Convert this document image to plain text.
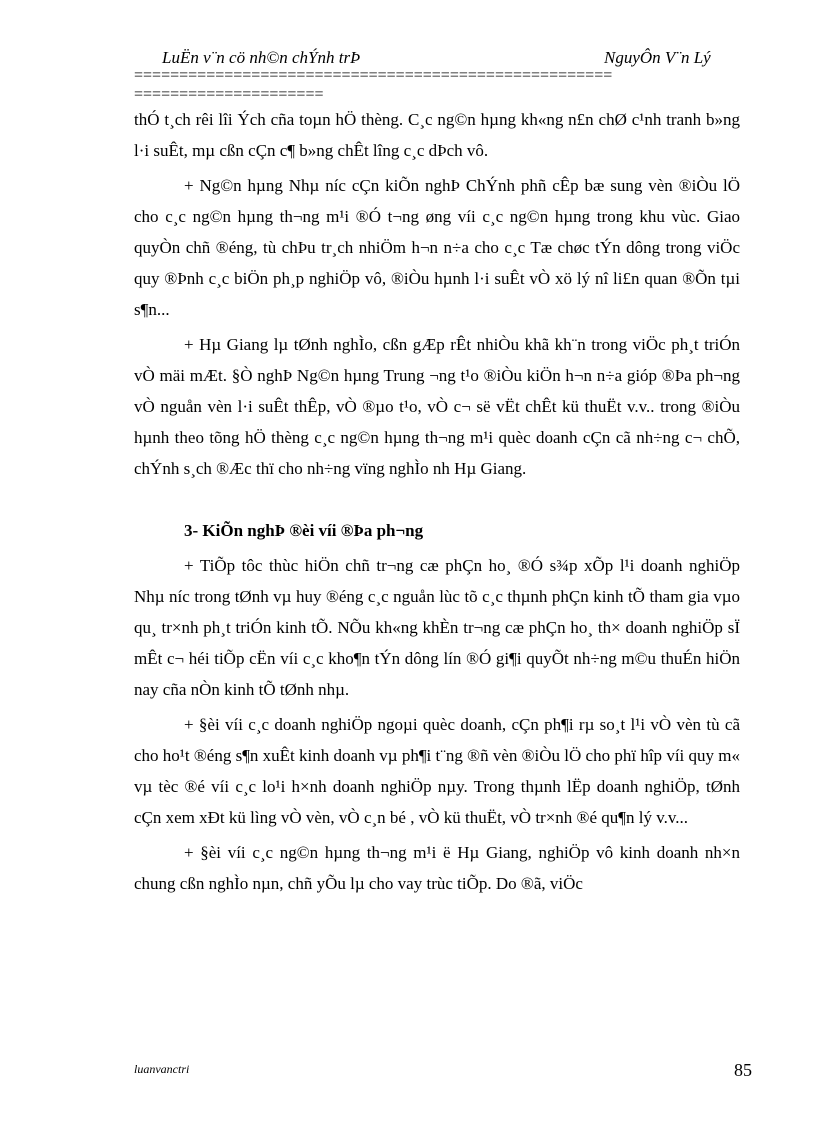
LuËn v¨n cö nh©n chÝnh trÞ	NguyÔn V¨n Lý
=====================================================
=====================

thÓ t¸ch rêi lîi Ých cña toµn hÖ thèng. C¸c ng©n hµng kh«ng n£n chØ c¹nh tranh b»ng l·i suÊt, mµ cßn cÇn c¶ b»ng chÊt lîng c¸c dÞch vô.

+ Ng©n hµng Nhµ níc cÇn kiÕn nghÞ ChÝnh phñ cÊp bæ sung vèn ®iÒu lÖ cho c¸c ng©n hµng th¬ng m¹i ®Ó t¬ng øng víi c¸c ng©n hµng trong khu vùc. Giao quyÒn chñ ®éng, tù chÞu tr¸ch nhiÖm h¬n n÷a cho c¸c Tæ chøc tÝn dông trong viÖc quy ®Þnh c¸c biÖn ph¸p nghiÖp vô, ®iÒu hµnh l·i suÊt vÒ xö lý nî li£n quan ®Õn tµi s¶n...

+ Hµ Giang lµ tØnh nghÌo, cßn gÆp rÊt nhiÒu khã kh¨n trong viÖc ph¸t triÓn vÒ mäi mÆt. §Ò nghÞ Ng©n hµng Trung ¬ng t¹o ®iÒu kiÖn h¬n n÷a gióp ®Þa ph¬ng vÒ nguån vèn l·i suÊt thÊp, vÒ ®µo t¹o, vÒ c¬ së vËt chÊt kü thuËt v.v.. trong ®iÒu hµnh theo tõng hÖ thèng c¸c ng©n hµng th¬ng m¹i quèc doanh cÇn cã nh÷ng c¬ chÕ, chÝnh s¸ch ®Æc thï cho nh÷ng vïng nghÌo nh Hµ Giang.

3- KiÕn nghÞ ®èi víi ®Þa ph¬ng

+ TiÕp tôc thùc hiÖn chñ tr¬ng cæ phÇn ho¸ ®Ó s¾p xÕp l¹i doanh nghiÖp Nhµ níc trong tØnh vµ huy ®éng c¸c nguån lùc tõ c¸c thµnh phÇn kinh tÕ tham gia vµo qu¸ tr×nh ph¸t triÓn kinh tÕ. NÕu kh«ng khÈn tr¬ng cæ phÇn ho¸ th× doanh nghiÖp sÏ mÊt c¬ héi tiÕp cËn víi c¸c kho¶n tÝn dông lín ®Ó gi¶i quyÕt nh÷ng m©u thuÉn hiÖn nay cña nÒn kinh tÕ tØnh nhµ.

+ §èi víi c¸c doanh nghiÖp ngoµi quèc doanh, cÇn ph¶i rµ so¸t l¹i vÒ vèn tù cã cho ho¹t ®éng s¶n xuÊt kinh doanh vµ ph¶i t¨ng ®ñ vèn ®iÒu lÖ cho phï hîp víi quy m« vµ tèc ®é víi c¸c lo¹i h×nh doanh nghiÖp nµy. Trong thµnh lËp doanh nghiÖp, tØnh cÇn xem xÐt kü lìng vÒ vèn, vÒ c¸n bé , vÒ kü thuËt, vÒ tr×nh ®é qu¶n lý v.v...

+ §èi víi c¸c ng©n hµng th¬ng m¹i ë Hµ Giang, nghiÖp vô kinh doanh nh×n chung cßn nghÌo nµn, chñ yÕu lµ cho vay trùc tiÕp. Do ®ã, viÖc

luanvanctri	85
